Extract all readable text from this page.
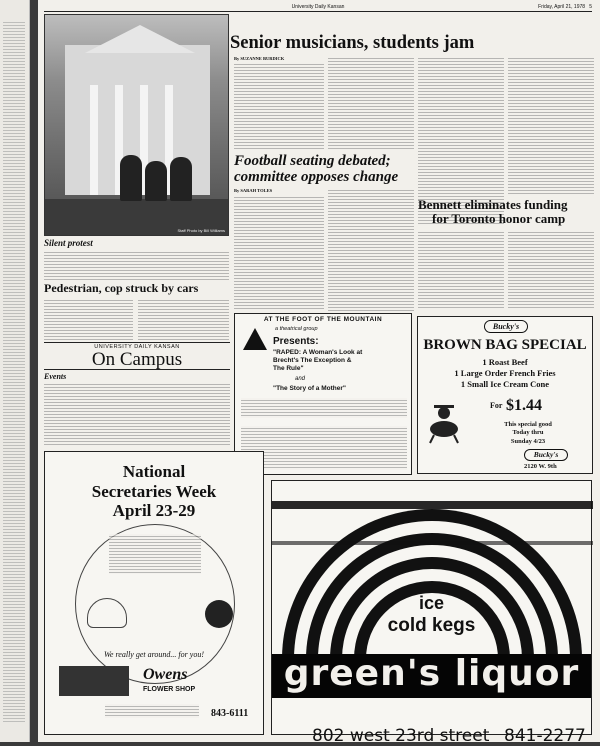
University Daily Kansan	Friday, April 21, 1978 5
Staff Photo by Bill Williams
Silent protest
Pedestrian, cop struck by cars
UNIVERSITY DAILY KANSAN
On Campus
Events
Senior musicians, students jam
By SUZANNE BURDICK
Football seating debated;
committee opposes change
By SARAH TOLES
Bennett eliminates funding
for Toronto honor camp
AT THE FOOT OF THE MOUNTAIN
a theatrical group
Presents:
"RAPED: A Woman's Look at
Brecht's The Exception &
The Rule"
and
"The Story of a Mother"
Bucky's
BROWN BAG SPECIAL
1 Roast Beef
1 Large Order French Fries
1 Small Ice Cream Cone
For $1.44
This special good
Today thru
Sunday 4/23
Bucky's
2120 W. 9th
National
Secretaries Week
April 23-29
We really get around... for you!
Owens
FLOWER SHOP
843-6111
ice
cold kegs
green's liquor
802 west 23rd street 841-2277
